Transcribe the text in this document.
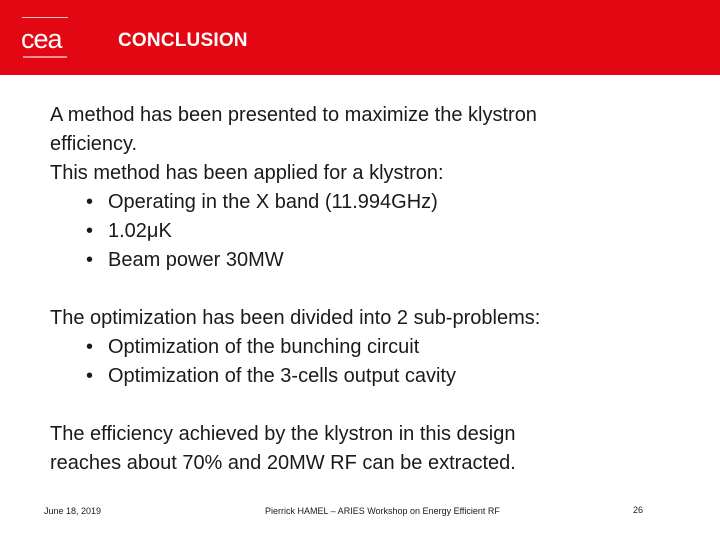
cea	CONCLUSION

A method has been presented to maximize the klystron

efficiency.

This method has been applied for a klystron:

• Operating in the X band (11.994GHz)
• 1.02μK
• Beam power 30MW

The optimization has been divided into 2 sub-problems:

• Optimization of the bunching circuit
• Optimization of the 3-cells output cavity

The efficiency achieved by the klystron in this design

reaches about 70% and 20MW RF can be extracted.

June 18, 2019	Pierrick HAMEL – ARIES Workshop on Energy Efficient RF	26
